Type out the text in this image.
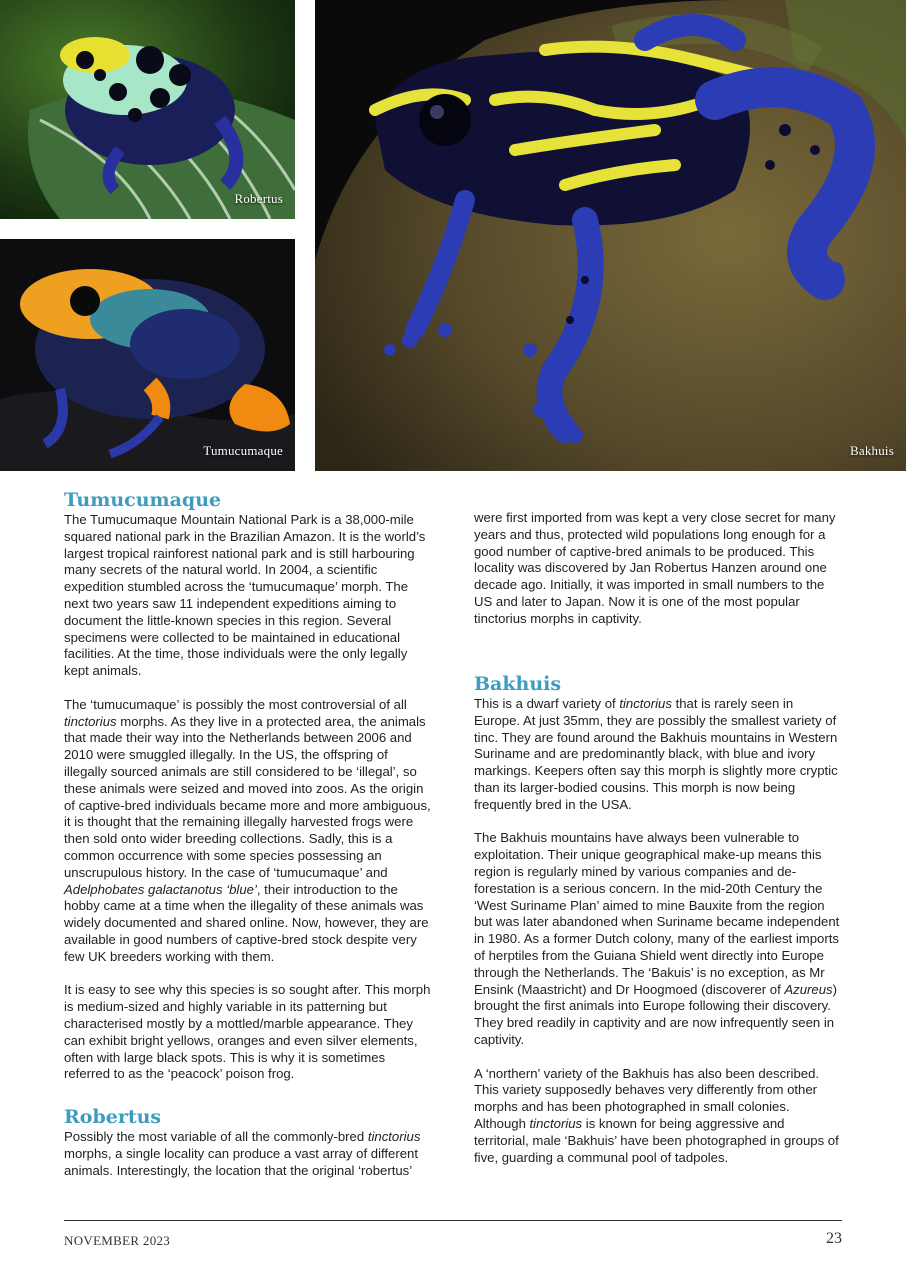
Robertus
Tumucumaque	Bakhuis
Tumucumaque

The Tumucumaque Mountain National Park is a 38,000-mile squared national park in the Brazilian Amazon. It is the world’s largest tropical rainforest national park and is still harbouring many secrets of the natural world. In 2004, a scientific expedition stumbled across the ‘tumucumaque’ morph. The next two years saw 11 independent expeditions aiming to document the little-known species in this region. Several specimens were collected to be maintained in educational facilities. At the time, those individuals were the only legally kept animals.

The ‘tumucumaque’ is possibly the most controversial of all tinctorius morphs. As they live in a protected area, the animals that made their way into the Netherlands between 2006 and 2010 were smuggled illegally. In the US, the offspring of illegally sourced animals are still considered to be ‘illegal’, so these animals were seized and moved into zoos. As the origin of captive-bred individuals became more and more ambiguous, it is thought that the remaining illegally harvested frogs were then sold onto wider breeding collections. Sadly, this is a common occurrence with some species possessing an unscrupulous history. In the case of ‘tumucumaque’ and Adelphobates galactanotus ‘blue’, their introduction to the hobby came at a time when the illegality of these animals was widely documented and shared online. Now, however, they are available in good numbers of captive-bred stock despite very few UK breeders working with them.

It is easy to see why this species is so sought after. This morph is medium-sized and highly variable in its patterning but characterised mostly by a mottled/marble appearance. They can exhibit bright yellows, oranges and even silver elements, often with large black spots. This is why it is sometimes referred to as the ‘peacock’ poison frog.

Robertus

Possibly the most variable of all the commonly-bred tinctorius morphs, a single locality can produce a vast array of different animals. Interestingly, the location that the original ‘robertus’

Bakhuis

This is a dwarf variety of tinctorius that is rarely seen in Europe. At just 35mm, they are possibly the smallest variety of tinc. They are found around the Bakhuis mountains in Western Suriname and are predominantly black, with blue and ivory markings. Keepers often say this morph is slightly more cryptic than its larger-bodied cousins. This morph is now being frequently bred in the USA.

The Bakhuis mountains have always been vulnerable to exploitation. Their unique geographical make-up means this region is regularly mined by various companies and de-forestation is a serious concern. In the mid-20th Century the ‘West Suriname Plan’ aimed to mine Bauxite from the region but was later abandoned when Suriname became independent in 1980. As a former Dutch colony, many of the earliest imports of herptiles from the Guiana Shield went directly into Europe through the Netherlands. The ‘Bakuis’ is no exception, as Mr Ensink (Maastricht) and Dr Hoogmoed (discoverer of Azureus) brought the first animals into Europe following their discovery. They bred readily in captivity and are now infrequently seen in captivity.

A ‘northern’ variety of the Bakhuis has also been described. This variety supposedly behaves very differently from other morphs and has been photographed in small colonies. Although tinctorius is known for being aggressive and territorial, male ‘Bakhuis’ have been photographed in groups of five, guarding a communal pool of tadpoles.

NOVEMBER 2023	23

were first imported from was kept a very close secret for many years and thus, protected wild populations long enough for a good number of captive-bred animals to be produced. This locality was discovered by Jan Robertus Hanzen around one decade ago. Initially, it was imported in small numbers to the US and later to Japan. Now it is one of the most popular tinctorius morphs in captivity.
